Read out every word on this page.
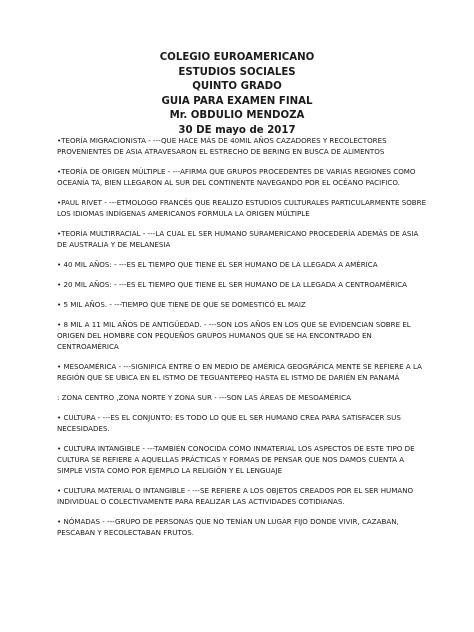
COLEGIO EUROAMERICANO
ESTUDIOS SOCIALES
QUINTO GRADO
GUIA PARA EXAMEN FINAL
Mr. OBDULIO MENDOZA
30 DE mayo de 2017

•TEORÍA MIGRACIONISTA - ---QUE HACE MÁS DE 40MIL AÑOS CAZADORES Y RECOLECTORES PROVENIENTES DE ASIA ATRAVESARON EL ESTRECHO DE BERING EN BUSCA DE ALIMENTOS

•TEORÍA DE ORIGEN MÚLTIPLE - ---AFIRMA QUE GRUPOS PROCEDENTES DE VARIAS REGIONES COMO OCEANÍA TA, BIEN LLEGARON AL SUR DEL CONTINENTE NAVEGANDO POR EL OCÉANO PACIFICO.

•PAUL RIVET - ---ETMOLOGO FRANCÉS QUE REALIZO ESTUDIOS CULTURALES PARTICULARMENTE SOBRE LOS IDIOMAS INDÍGENAS AMERICANOS FORMULA LA ORIGEN MÚLTIPLE

•TEORÍA MULTIRRACIAL - ---LA CUAL EL SER HUMANO SURAMERICANO PROCEDERÍA ADEMÁS DE ASIA DE AUSTRALIA Y DE MELANESIA

• 40 MIL AÑOS: - ---ES EL TIEMPO QUE TIENE EL SER HUMANO DE LA LLEGADA A AMÉRICA

• 20 MIL AÑOS: - ---ES EL TIEMPO QUE TIENE EL SER HUMANO DE LA LLEGADA A CENTROAMÉRICA

• 5 MIL AÑOS. - ---TIEMPO QUE TIENE DE QUE SE DOMESTICÓ EL MAIZ

• 8 MIL A 11 MIL AÑOS DE ANTIGÜEDAD. - ---SON LOS AÑOS EN LOS QUE SE EVIDENCIAN SOBRE EL ORIGEN DEL HOMBRE CON PEQUEÑOS GRUPOS HUMANOS QUE SE HA ENCONTRADO EN CENTROAMÉRICA

• MESOAMÉRICA - ---SIGNIFICA ENTRE O EN MEDIO DE AMÉRICA GEOGRÁFICA MENTE SE REFIERE A LA REGIÓN QUE SE UBICA EN EL ISTMO DE TEGUANTEPEQ HASTA EL ISTMO DE DARIÉN EN PANAMÁ

: ZONA CENTRO ,ZONA NORTE Y ZONA SUR - ---SON LAS ÁREAS DE MESOAMÉRICA

• CULTURA - ---ES EL CONJUNTO: ES TODO LO QUE EL SER HUMANO CREA PARA SATISFACER SUS NECESIDADES.

• CULTURA INTANGIBLE - ---TAMBIÉN CONOCIDA COMO INMATERIAL LOS ASPECTOS DE ESTE TIPO DE CULTURA SE REFIERE A AQUELLAS PRÁCTICAS Y FORMAS DE PENSAR QUE NOS DAMOS CUENTA A SIMPLE VISTA COMO POR EJEMPLO LA RELIGIÓN Y EL LENGUAJE

• CULTURA MATERIAL O INTANGIBLE - ---SE REFIERE A LOS OBJETOS CREADOS POR EL SER HUMANO INDIVIDUAL O COLECTIVAMENTE PARA REALIZAR LAS ACTIVIDADES COTIDIANAS.

• NÓMADAS - ---GRUPO DE PERSONAS QUE NO TENÍAN UN LUGAR FIJO DONDE VIVIR, CAZABAN, PESCABAN Y RECOLECTABAN FRUTOS.
